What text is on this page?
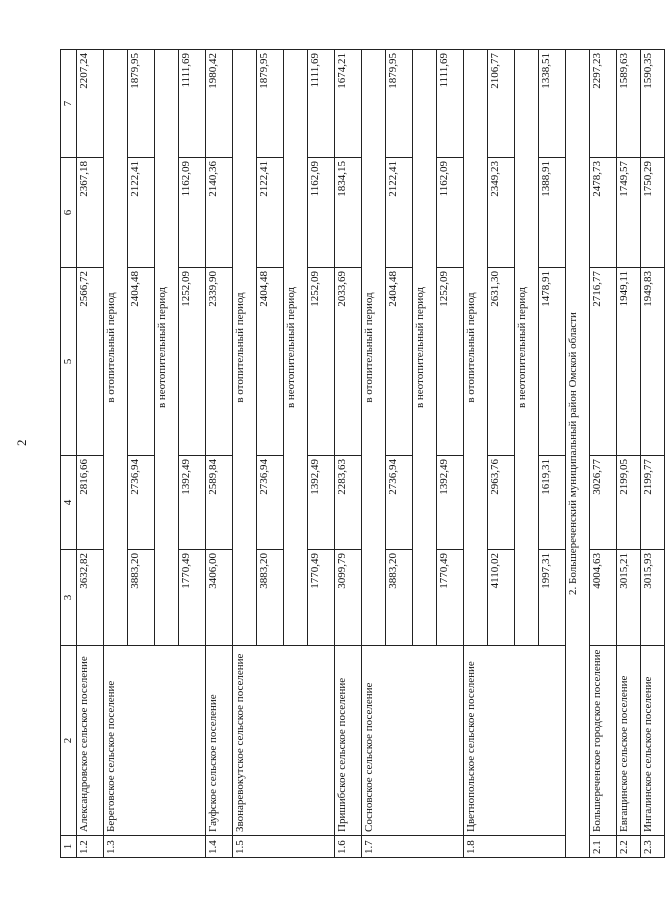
2
1	2	3	4	5	6	7
1.2	Александровское сельское поселение	3632,82	2816,66	2566,72	2367,18	2207,24
1.3	Береговское сельское поселение	в отопительный период				
		3883,20	2736,94	2404,48	2122,41	1879,95
		в неотопительный период				
		1770,49	1392,49	1252,09	1162,09	1111,69
1.4	Гауфское сельское поселение	3406,00	2589,84	2339,90	2140,36	1980,42
1.5	Звонаревокутское сельское поселение	в отопительный период				
		3883,20	2736,94	2404,48	2122,41	1879,95
		в неотопительный период				
		1770,49	1392,49	1252,09	1162,09	1111,69
1.6	Пришибское сельское поселение	3099,79	2283,63	2033,69	1834,15	1674,21
1.7	Сосновское сельское поселение	в отопительный период				
		3883,20	2736,94	2404,48	2122,41	1879,95
		в неотопительный период				
		1770,49	1392,49	1252,09	1162,09	1111,69
1.8	Цветнопольское сельское поселение	в отопительный период				
		4110,02	2963,76	2631,30	2349,23	2106,77
		в неотопительный период				
		1997,31	1619,31	1478,91	1388,91	1338,51
2. Большереченский муниципальный район Омской области						
2.1	Большереченское городское поселение	4004,63	3026,77	2716,77	2478,73	2297,23
2.2	Евгащинское сельское поселение	3015,21	2199,05	1949,11	1749,57	1589,63
2.3	Ингалинское сельское поселение	3015,93	2199,77	1949,83	1750,29	1590,35
